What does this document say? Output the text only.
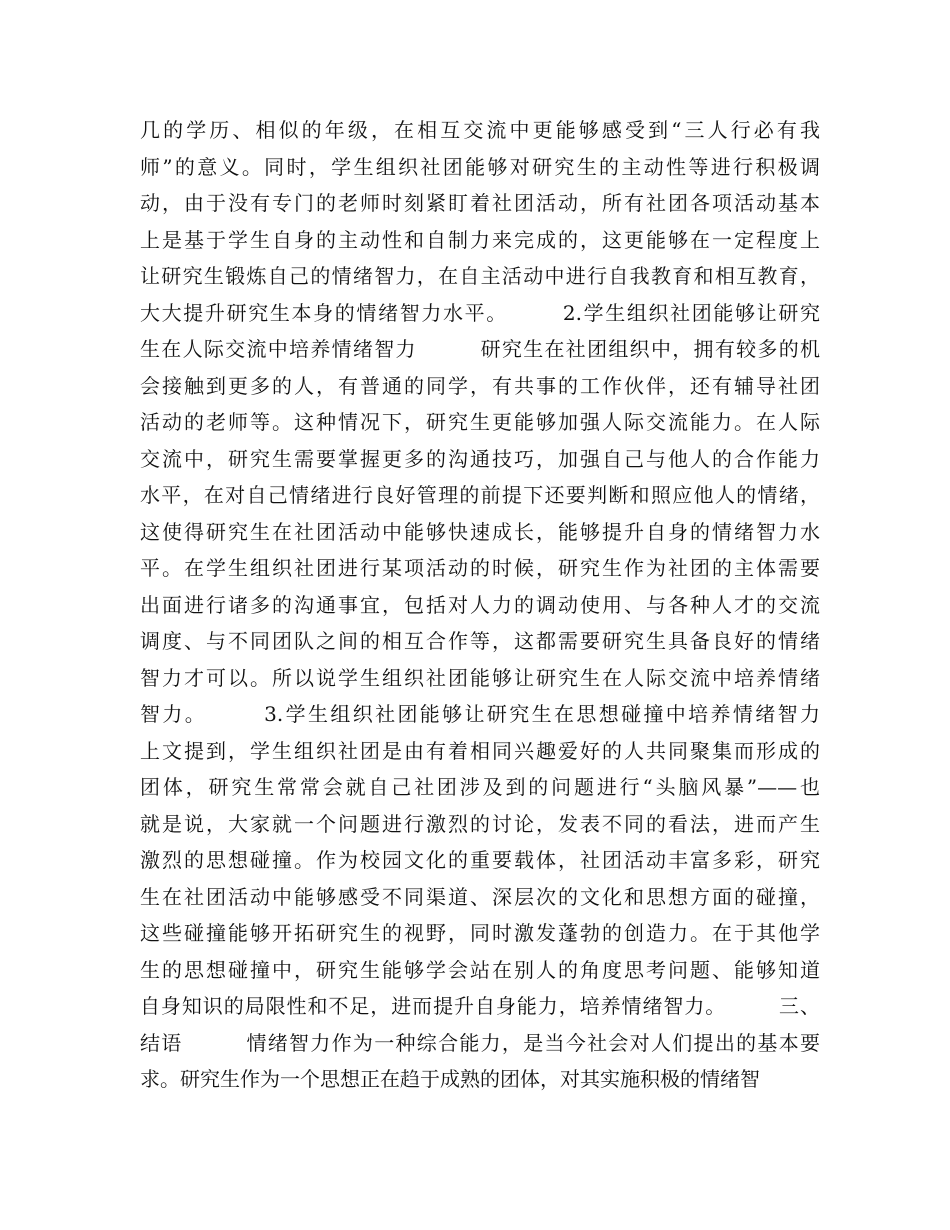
几的学历、相似的年级，在相互交流中更能够感受到“三人行必有我
师”的意义。同时，学生组织社团能够对研究生的主动性等进行积极调
动，由于没有专门的老师时刻紧盯着社团活动，所有社团各项活动基本
上是基于学生自身的主动性和自制力来完成的，这更能够在一定程度上
让研究生锻炼自己的情绪智力，在自主活动中进行自我教育和相互教育，
大大提升研究生本身的情绪智力水平。　　　2.学生组织社团能够让研究
生在人际交流中培养情绪智力　　　研究生在社团组织中，拥有较多的机
会接触到更多的人，有普通的同学，有共事的工作伙伴，还有辅导社团
活动的老师等。这种情况下，研究生更能够加强人际交流能力。在人际
交流中，研究生需要掌握更多的沟通技巧，加强自己与他人的合作能力
水平，在对自己情绪进行良好管理的前提下还要判断和照应他人的情绪，
这使得研究生在社团活动中能够快速成长，能够提升自身的情绪智力水
平。在学生组织社团进行某项活动的时候，研究生作为社团的主体需要
出面进行诸多的沟通事宜，包括对人力的调动使用、与各种人才的交流
调度、与不同团队之间的相互合作等，这都需要研究生具备良好的情绪
智力才可以。所以说学生组织社团能够让研究生在人际交流中培养情绪
智力。　　　3.学生组织社团能够让研究生在思想碰撞中培养情绪智力
上文提到，学生组织社团是由有着相同兴趣爱好的人共同聚集而形成的
团体，研究生常常会就自己社团涉及到的问题进行“头脑风暴”——也
就是说，大家就一个问题进行激烈的讨论，发表不同的看法，进而产生
激烈的思想碰撞。作为校园文化的重要载体，社团活动丰富多彩，研究
生在社团活动中能够感受不同渠道、深层次的文化和思想方面的碰撞，
这些碰撞能够开拓研究生的视野，同时激发蓬勃的创造力。在于其他学
生的思想碰撞中，研究生能够学会站在别人的角度思考问题、能够知道
自身知识的局限性和不足，进而提升自身能力，培养情绪智力。　　　三、
结语　　　情绪智力作为一种综合能力，是当今社会对人们提出的基本要
求。研究生作为一个思想正在趋于成熟的团体，对其实施积极的情绪智
